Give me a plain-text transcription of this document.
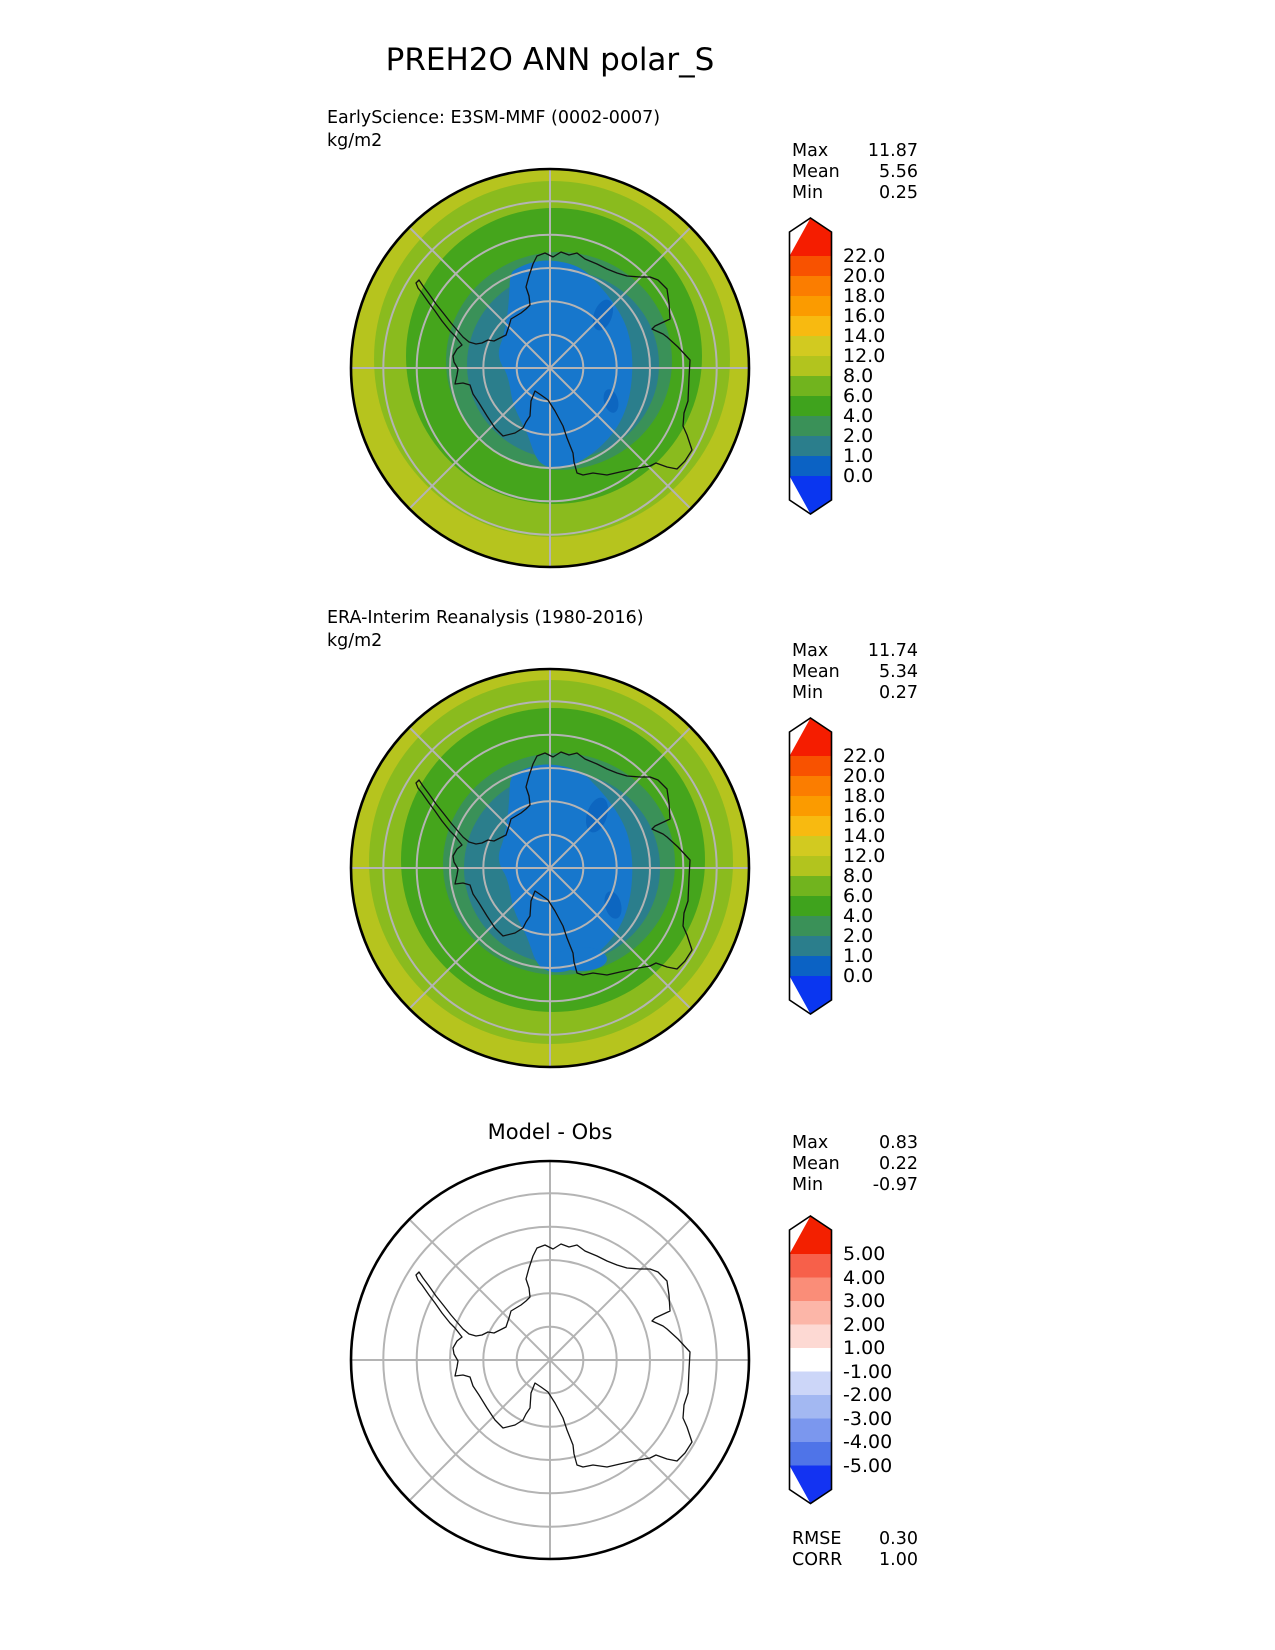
PREH2O ANN polar_S
EarlyScience: E3SM-MMF (0002-0007)
kg/m2	Max 11.87
Mean 5.56
Min	0.25
22.0
20.0
18.0
16.0
14.0
12.0
8.0
6.0
4.0
2.0
1.0
0.0
ERA-Interim Reanalysis (1980-2016)
kg/m2	Max 11.74
Mean 5.34
Min	0.27
22.0
20.0
18.0
16.0
14.0
12.0
8.0
6.0
4.0
2.0
1.0
0.0
Model - Obs	Max	0.83
Mean 0.22
Min	-0.97
5.00
4.00
3.00
2.00
1.00
-1.00
-2.00
-3.00
-4.00
-5.00
RMSE 0.30
CORR 1.00
